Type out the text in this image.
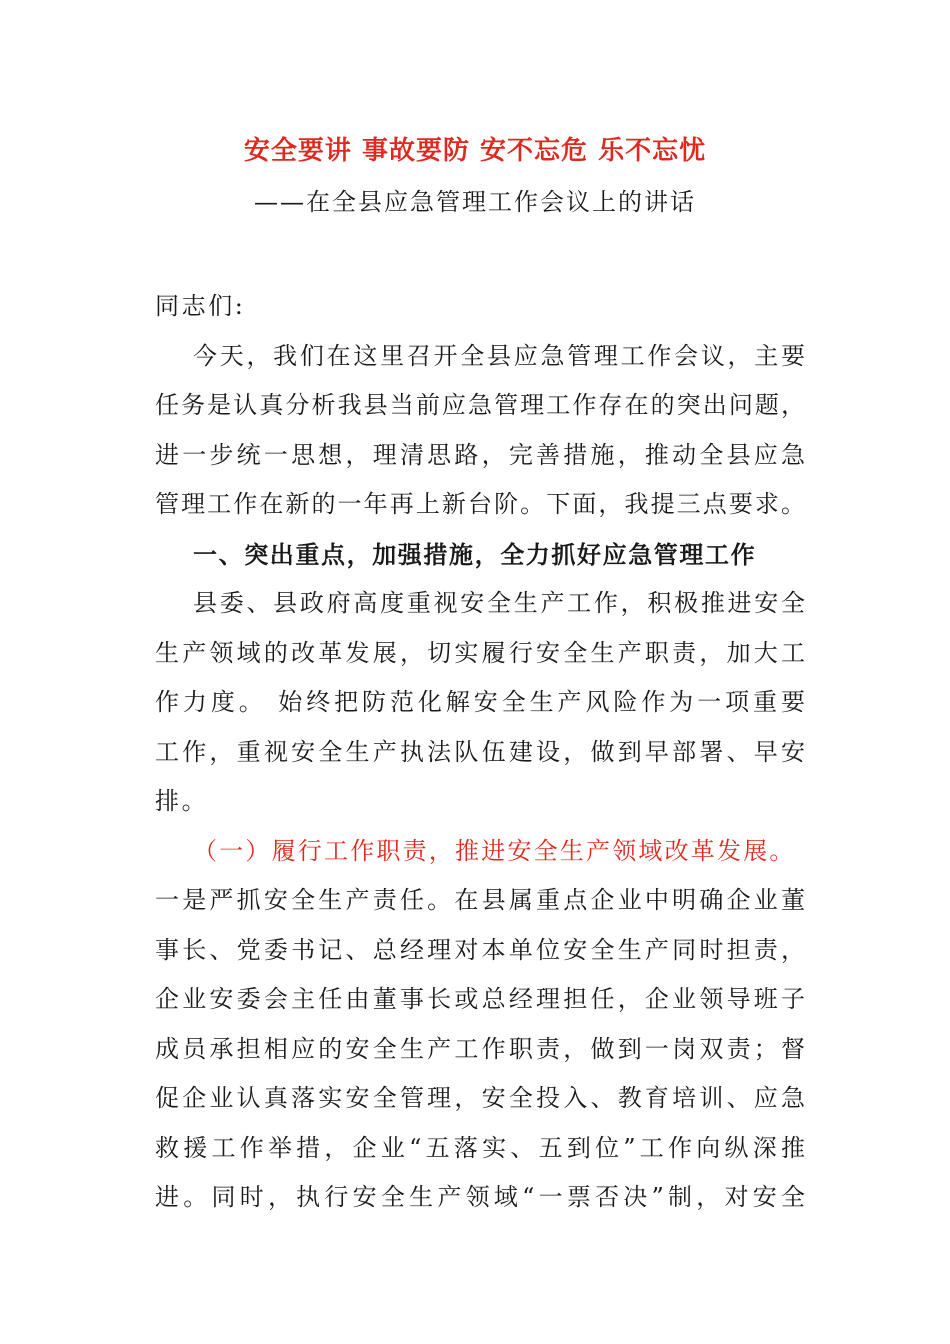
安全要讲 事故要防 安不忘危 乐不忘忧
——在全县应急管理工作会议上的讲话
同志们:
今天，我们在这里召开全县应急管理工作会议，主要
任务是认真分析我县当前应急管理工作存在的突出问题，
进一步统一思想，理清思路，完善措施，推动全县应急
管理工作在新的一年再上新台阶。下面，我提三点要求。
一、突出重点，加强措施，全力抓好应急管理工作
县委、县政府高度重视安全生产工作，积极推进安全
生产领域的改革发展，切实履行安全生产职责，加大工
作力度。 始终把防范化解安全生产风险作为一项重要
工作，重视安全生产执法队伍建设，做到早部署、早安
排。
（一）履行工作职责，推进安全生产领域改革发展。
一是严抓安全生产责任。在县属重点企业中明确企业董
事长、党委书记、总经理对本单位安全生产同时担责，
企业安委会主任由董事长或总经理担任，企业领导班子
成员承担相应的安全生产工作职责，做到一岗双责；督
促企业认真落实安全管理，安全投入、教育培训、应急
救援工作举措，企业“五落实、五到位”工作向纵深推
进。同时，执行安全生产领域“一票否决”制，对安全
